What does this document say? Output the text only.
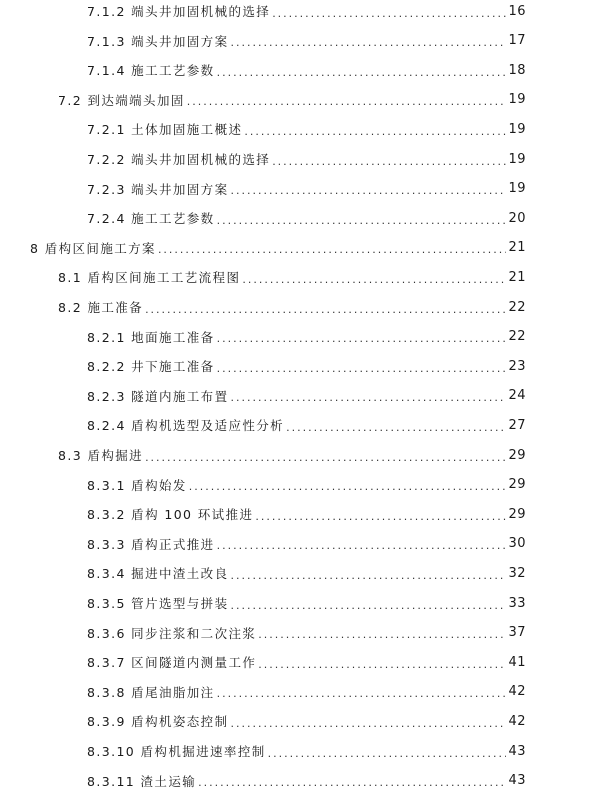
7.1.2 端头井加固机械的选择 .....	16
7.1.3 端头井加固方案 .....	17
7.1.4 施工工艺参数 .....	18
7.2 到达端端头加固 .....	19
7.2.1 土体加固施工概述 .....	19
7.2.2 端头井加固机械的选择 .....	19
7.2.3 端头井加固方案 .....	19
7.2.4 施工工艺参数 .....	20
8 盾构区间施工方案 .....	21
8.1 盾构区间施工工艺流程图 .....	21
8.2 施工准备 .....	22
8.2.1 地面施工准备 .....	22
8.2.2 井下施工准备 .....	23
8.2.3 隧道内施工布置 .....	24
8.2.4 盾构机选型及适应性分析 .....	27
8.3 盾构掘进 .....	29
8.3.1 盾构始发 .....	29
8.3.2 盾构 100 环试推进 .....	29
8.3.3 盾构正式推进 .....	30
8.3.4 掘进中渣土改良 .....	32
8.3.5 管片选型与拼装 .....	33
8.3.6 同步注浆和二次注浆 .....	37
8.3.7 区间隧道内测量工作 .....	41
8.3.8 盾尾油脂加注 .....	42
8.3.9 盾构机姿态控制 .....	42
8.3.10 盾构机掘进速率控制 .....	43
8.3.11 渣土运输 .....	43
